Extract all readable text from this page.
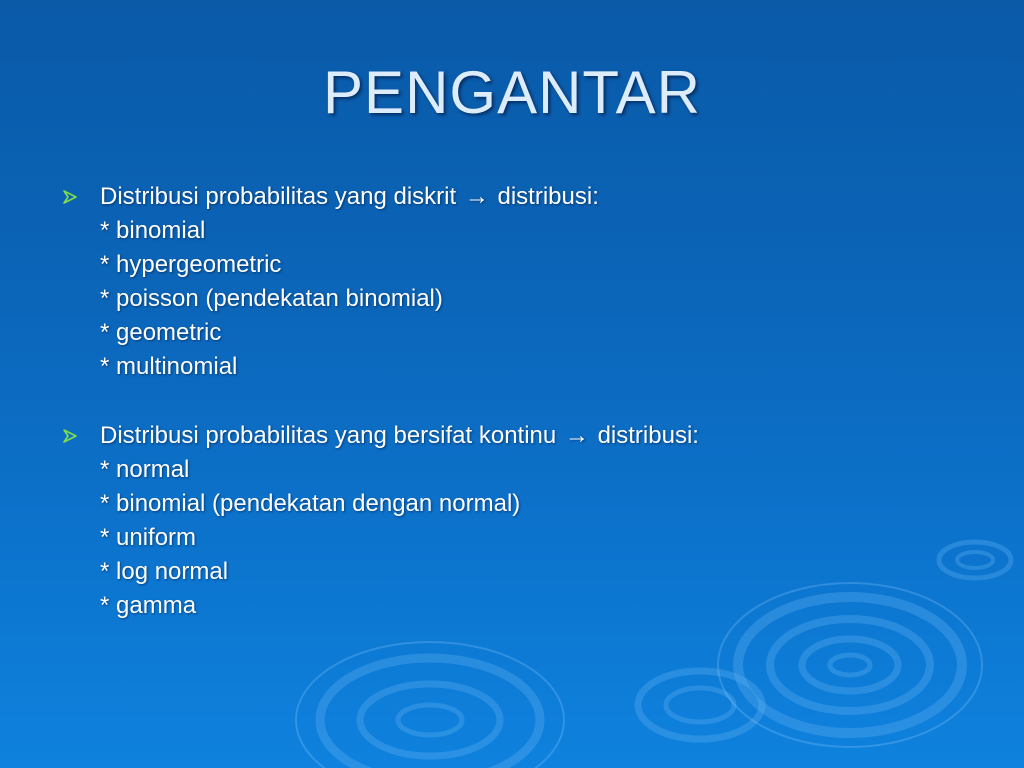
PENGANTAR
Distribusi probabilitas yang diskrit → distribusi:
* binomial
* hypergeometric
* poisson (pendekatan binomial)
* geometric
* multinomial
Distribusi probabilitas yang bersifat kontinu → distribusi:
* normal
* binomial (pendekatan dengan normal)
* uniform
* log normal
* gamma
